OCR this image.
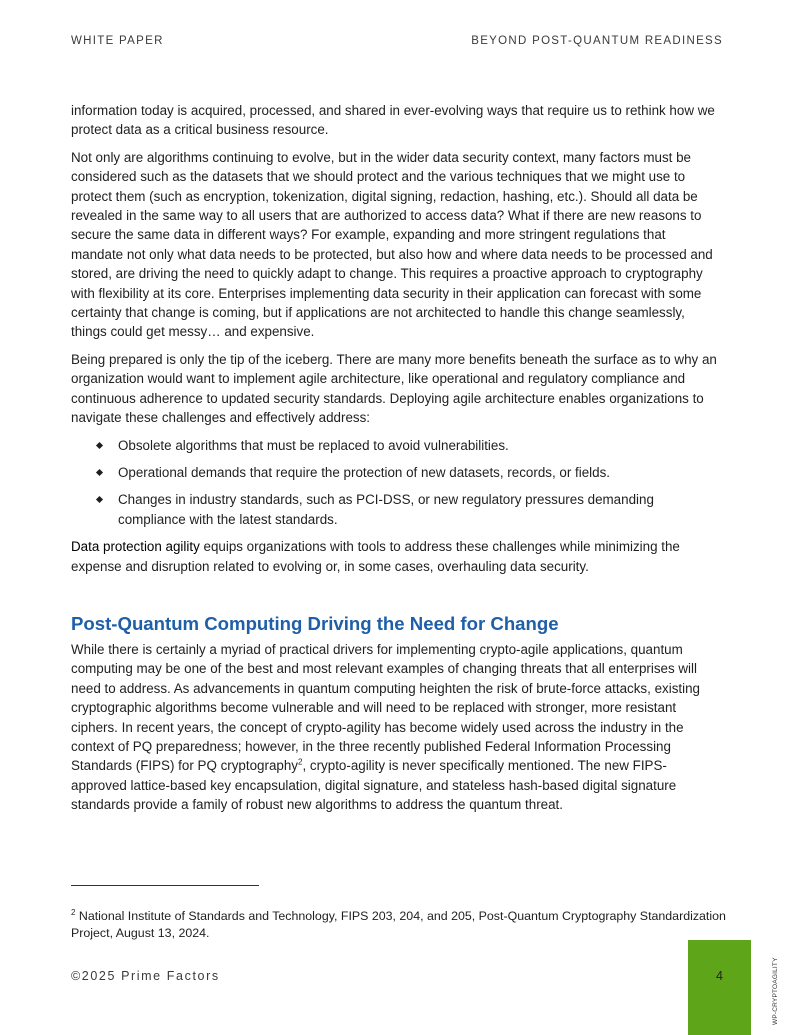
WHITE PAPER	BEYOND POST-QUANTUM READINESS

information today is acquired, processed, and shared in ever-evolving ways that require us to rethink how we protect data as a critical business resource.

Not only are algorithms continuing to evolve, but in the wider data security context, many factors must be considered such as the datasets that we should protect and the various techniques that we might use to protect them (such as encryption, tokenization, digital signing, redaction, hashing, etc.). Should all data be revealed in the same way to all users that are authorized to access data? What if there are new reasons to secure the same data in different ways? For example, expanding and more stringent regulations that mandate not only what data needs to be protected, but also how and where data needs to be processed and stored, are driving the need to quickly adapt to change. This requires a proactive approach to cryptography with flexibility at its core. Enterprises implementing data security in their application can forecast with some certainty that change is coming, but if applications are not architected to handle this change seamlessly, things could get messy… and expensive.

Being prepared is only the tip of the iceberg. There are many more benefits beneath the surface as to why an organization would want to implement agile architecture, like operational and regulatory compliance and continuous adherence to updated security standards. Deploying agile architecture enables organizations to navigate these challenges and effectively address:

Obsolete algorithms that must be replaced to avoid vulnerabilities.
Operational demands that require the protection of new datasets, records, or fields.
Changes in industry standards, such as PCI-DSS, or new regulatory pressures demanding compliance with the latest standards.

Data protection agility equips organizations with tools to address these challenges while minimizing the expense and disruption related to evolving or, in some cases, overhauling data security.

Post-Quantum Computing Driving the Need for Change

While there is certainly a myriad of practical drivers for implementing crypto-agile applications, quantum computing may be one of the best and most relevant examples of changing threats that all enterprises will need to address. As advancements in quantum computing heighten the risk of brute-force attacks, existing cryptographic algorithms become vulnerable and will need to be replaced with stronger, more resistant ciphers. In recent years, the concept of crypto-agility has become widely used across the industry in the context of PQ preparedness; however, in the three recently published Federal Information Processing Standards (FIPS) for PQ cryptography$^2$, crypto-agility is never specifically mentioned. The new FIPS-approved lattice-based key encapsulation, digital signature, and stateless hash-based digital signature standards provide a family of robust new algorithms to address the quantum threat.

$^2$ National Institute of Standards and Technology, FIPS 203, 204, and 205, Post-Quantum Cryptography Standardization Project, August 13, 2024.
©2025 Prime Factors	4	WP-CRYPTOAGILITY
